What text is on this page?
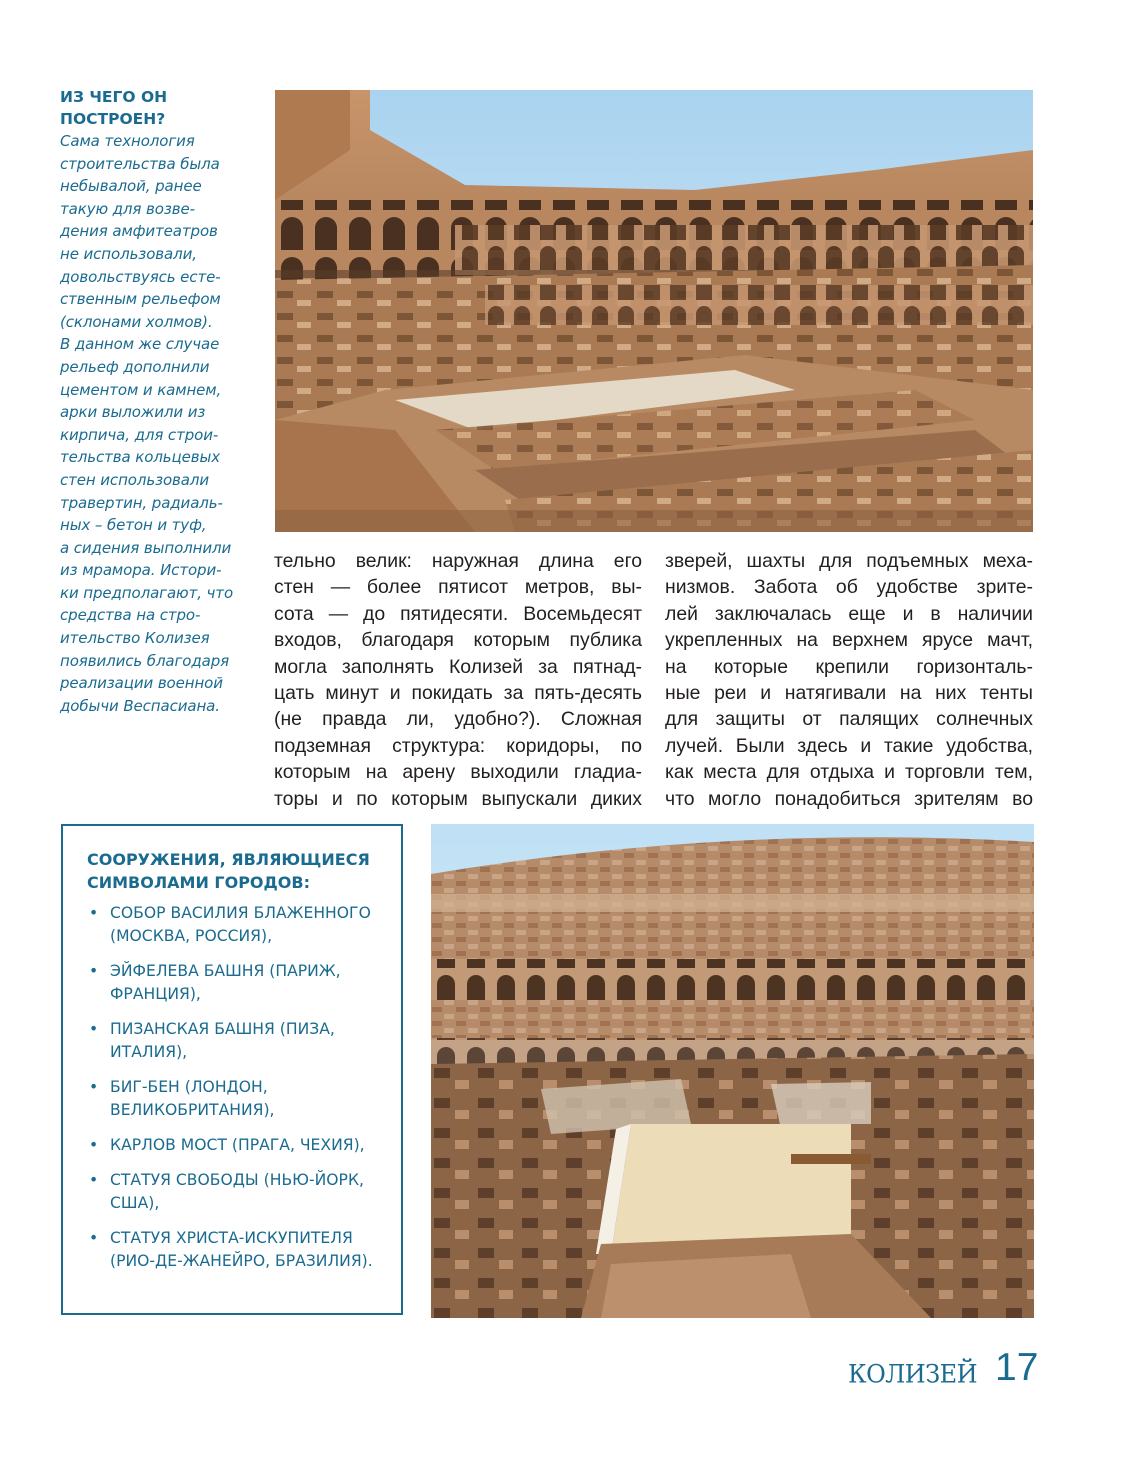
ИЗ ЧЕГО ОН ПОСТРОЕН?

Сама технология
строительства была
небывалой, ранее
такую для возве-
дения амфитеатров
не использовали,
довольствуясь есте-
ственным рельефом
(склонами холмов).
В данном же случае
рельеф дополнили
цементом и камнем,
арки выложили из
кирпича, для строи-
тельства кольцевых
стен использовали
травертин, радиаль-
ных – бетон и туф,
а сидения выполнили
из мрамора. Истори-
ки предполагают, что
средства на стро-
ительство Колизея
появились благодаря
реализации военной
добычи Веспасиана.

тельно велик: наружная длина его
стен — более пятисот метров, вы-
сота — до пятидесяти. Восемьдесят
входов, благодаря которым публика
могла заполнять Колизей за пятнад-
цать минут и покидать за пять-десять
(не правда ли, удобно?). Сложная
подземная структура: коридоры, по
которым на арену выходили гладиа-
торы и по которым выпускали диких
зверей, шахты для подъемных меха-
низмов. Забота об удобстве зрите-
лей заключалась еще и в наличии
укрепленных на верхнем ярусе мачт,
на которые крепили горизонталь-
ные реи и натягивали на них тенты
для защиты от палящих солнечных
лучей. Были здесь и такие удобства,
как места для отдыха и торговли тем,
что могло понадобиться зрителям во
СООРУЖЕНИЯ, ЯВЛЯЮЩИЕСЯ СИМВОЛАМИ ГОРОДОВ:
• СОБОР ВАСИЛИЯ БЛАЖЕННОГО (МОСКВА, РОССИЯ),
• ЭЙФЕЛЕВА БАШНЯ (ПАРИЖ, ФРАНЦИЯ),
• ПИЗАНСКАЯ БАШНЯ (ПИЗА, ИТАЛИЯ),
• БИГ-БЕН (ЛОНДОН, ВЕЛИКОБРИТАНИЯ),
• КАРЛОВ МОСТ (ПРАГА, ЧЕХИЯ),
• СТАТУЯ СВОБОДЫ (НЬЮ-ЙОРК, США),
• СТАТУЯ ХРИСТА-ИСКУПИТЕЛЯ (РИО-ДЕ-ЖАНЕЙРО, БРАЗИЛИЯ).
КОЛИЗЕЙ 17
